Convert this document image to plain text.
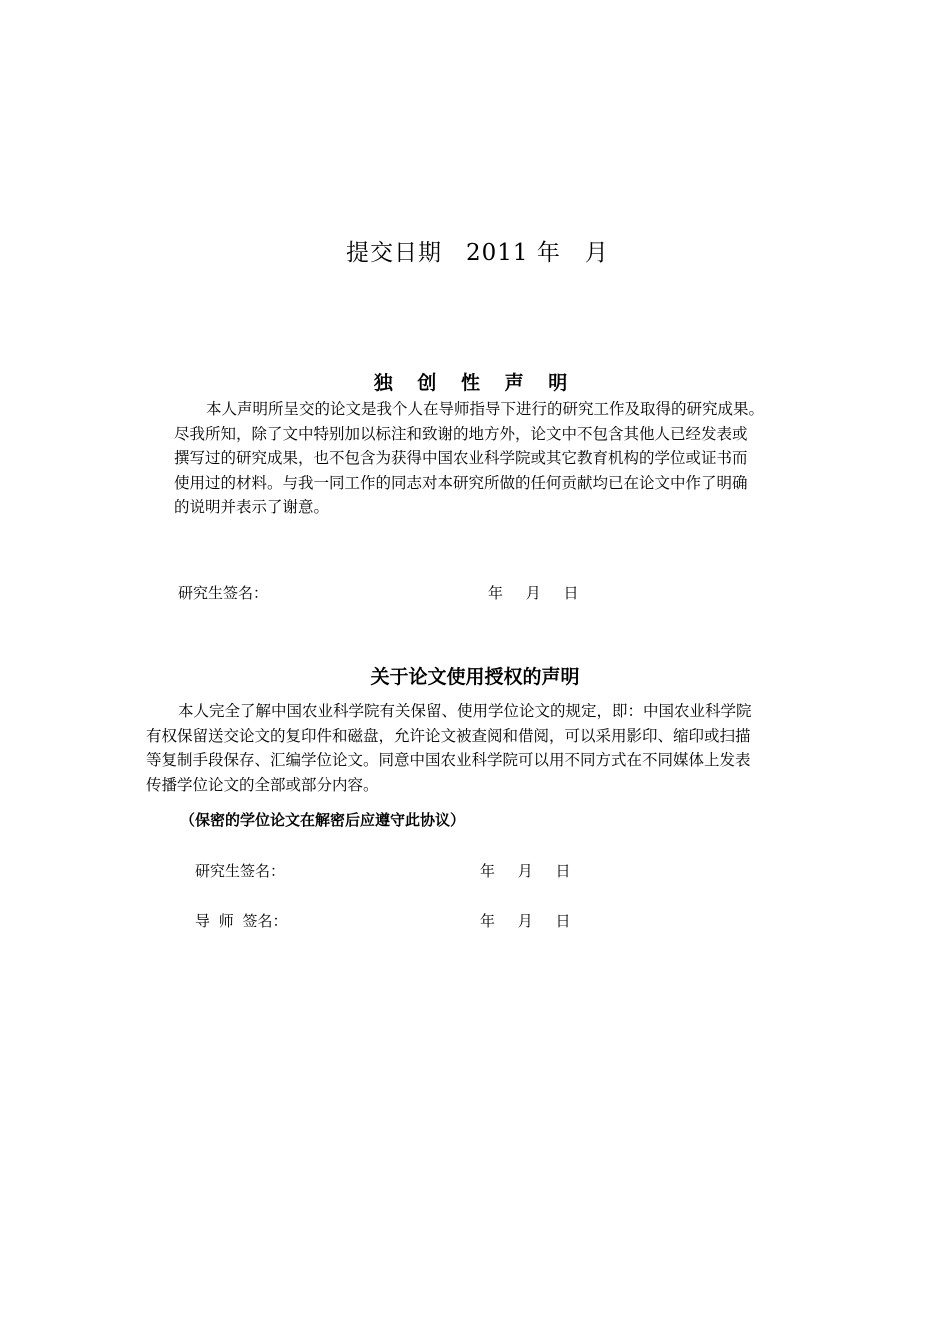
提交日期　2011 年　月
独 创 性 声 明
本人声明所呈交的论文是我个人在导师指导下进行的研究工作及取得的研究成果。
尽我所知，除了文中特别加以标注和致谢的地方外，论文中不包含其他人已经发表或
撰写过的研究成果，也不包含为获得中国农业科学院或其它教育机构的学位或证书而
使用过的材料。与我一同工作的同志对本研究所做的任何贡献均已在论文中作了明确
的说明并表示了谢意。
研究生签名：	年 月 日
关于论文使用授权的声明
本人完全了解中国农业科学院有关保留、使用学位论文的规定，即：中国农业科学院
有权保留送交论文的复印件和磁盘，允许论文被查阅和借阅，可以采用影印、缩印或扫描
等复制手段保存、汇编学位论文。同意中国农业科学院可以用不同方式在不同媒体上发表
传播学位论文的全部或部分内容。
（保密的学位论文在解密后应遵守此协议）
研究生签名：	年 月 日
导 师 签名：	年 月 日
